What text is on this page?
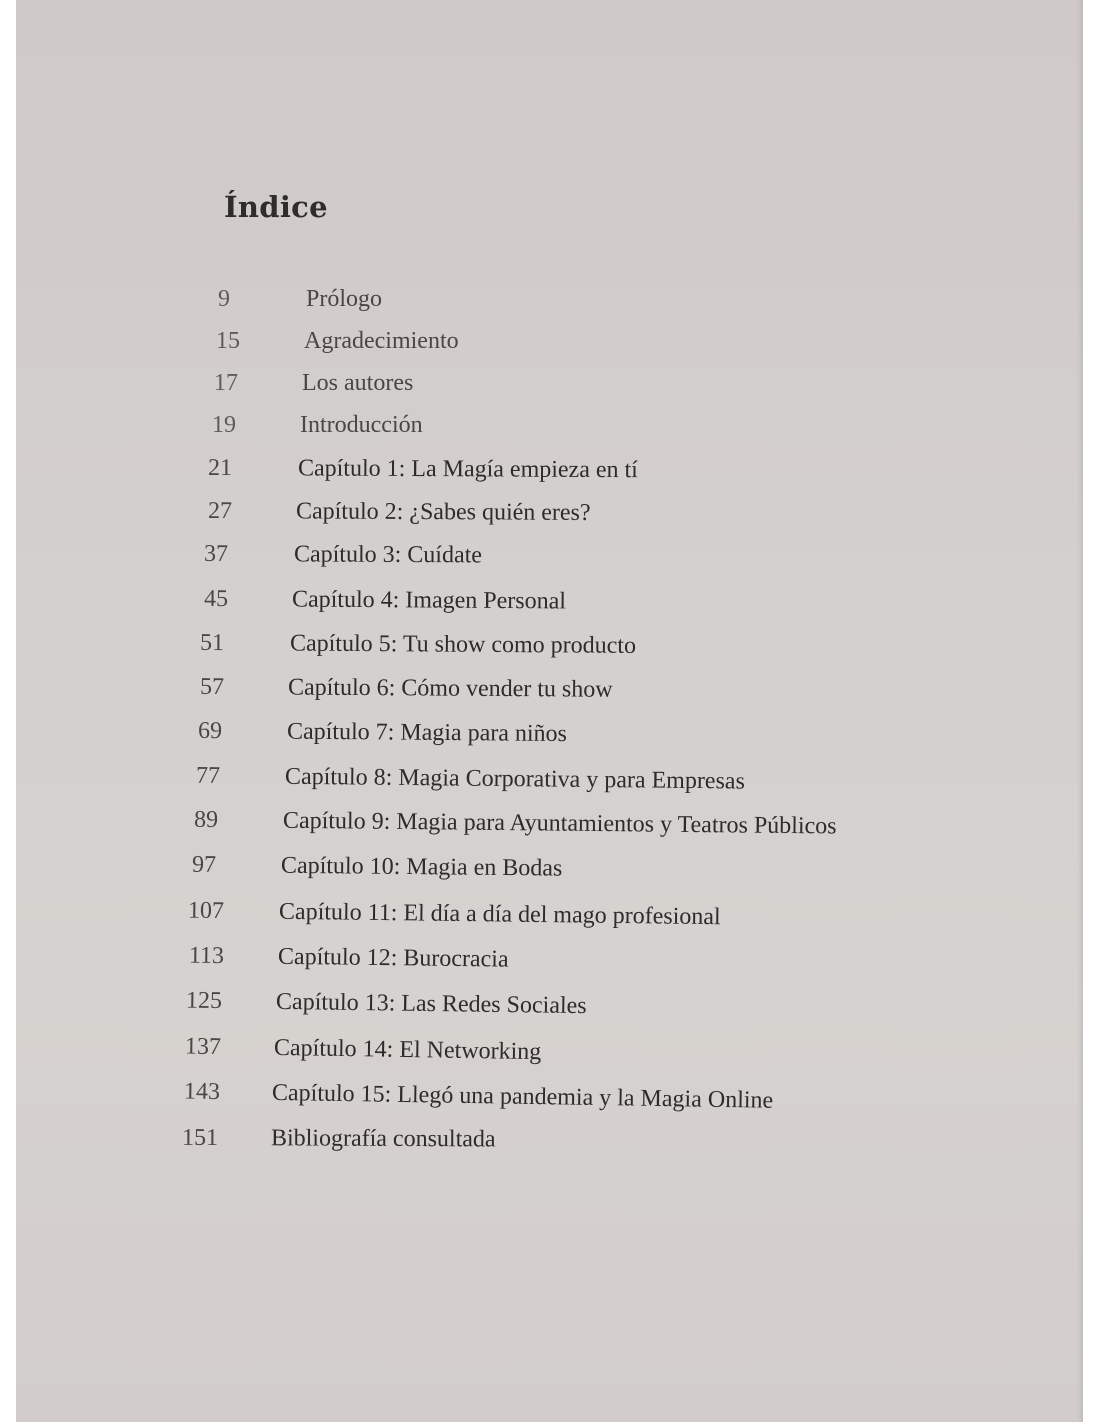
Índice
9	Prólogo
15	Agradecimiento
17	Los autores
19	Introducción
21	Capítulo 1: La Magía empieza en tí
27	Capítulo 2: ¿Sabes quién eres?
37	Capítulo 3: Cuídate
45	Capítulo 4: Imagen Personal
51	Capítulo 5: Tu show como producto
57	Capítulo 6: Cómo vender tu show
69	Capítulo 7: Magia para niños
77	Capítulo 8: Magia Corporativa y para Empresas
89	Capítulo 9: Magia para Ayuntamientos y Teatros Públicos
97	Capítulo 10: Magia en Bodas
107 Capítulo 11: El día a día del mago profesional
113 Capítulo 12: Burocracia
125 Capítulo 13: Las Redes Sociales
137 Capítulo 14: El Networking
143 Capítulo 15: Llegó una pandemia y la Magia Online
151 Bibliografía consultada
